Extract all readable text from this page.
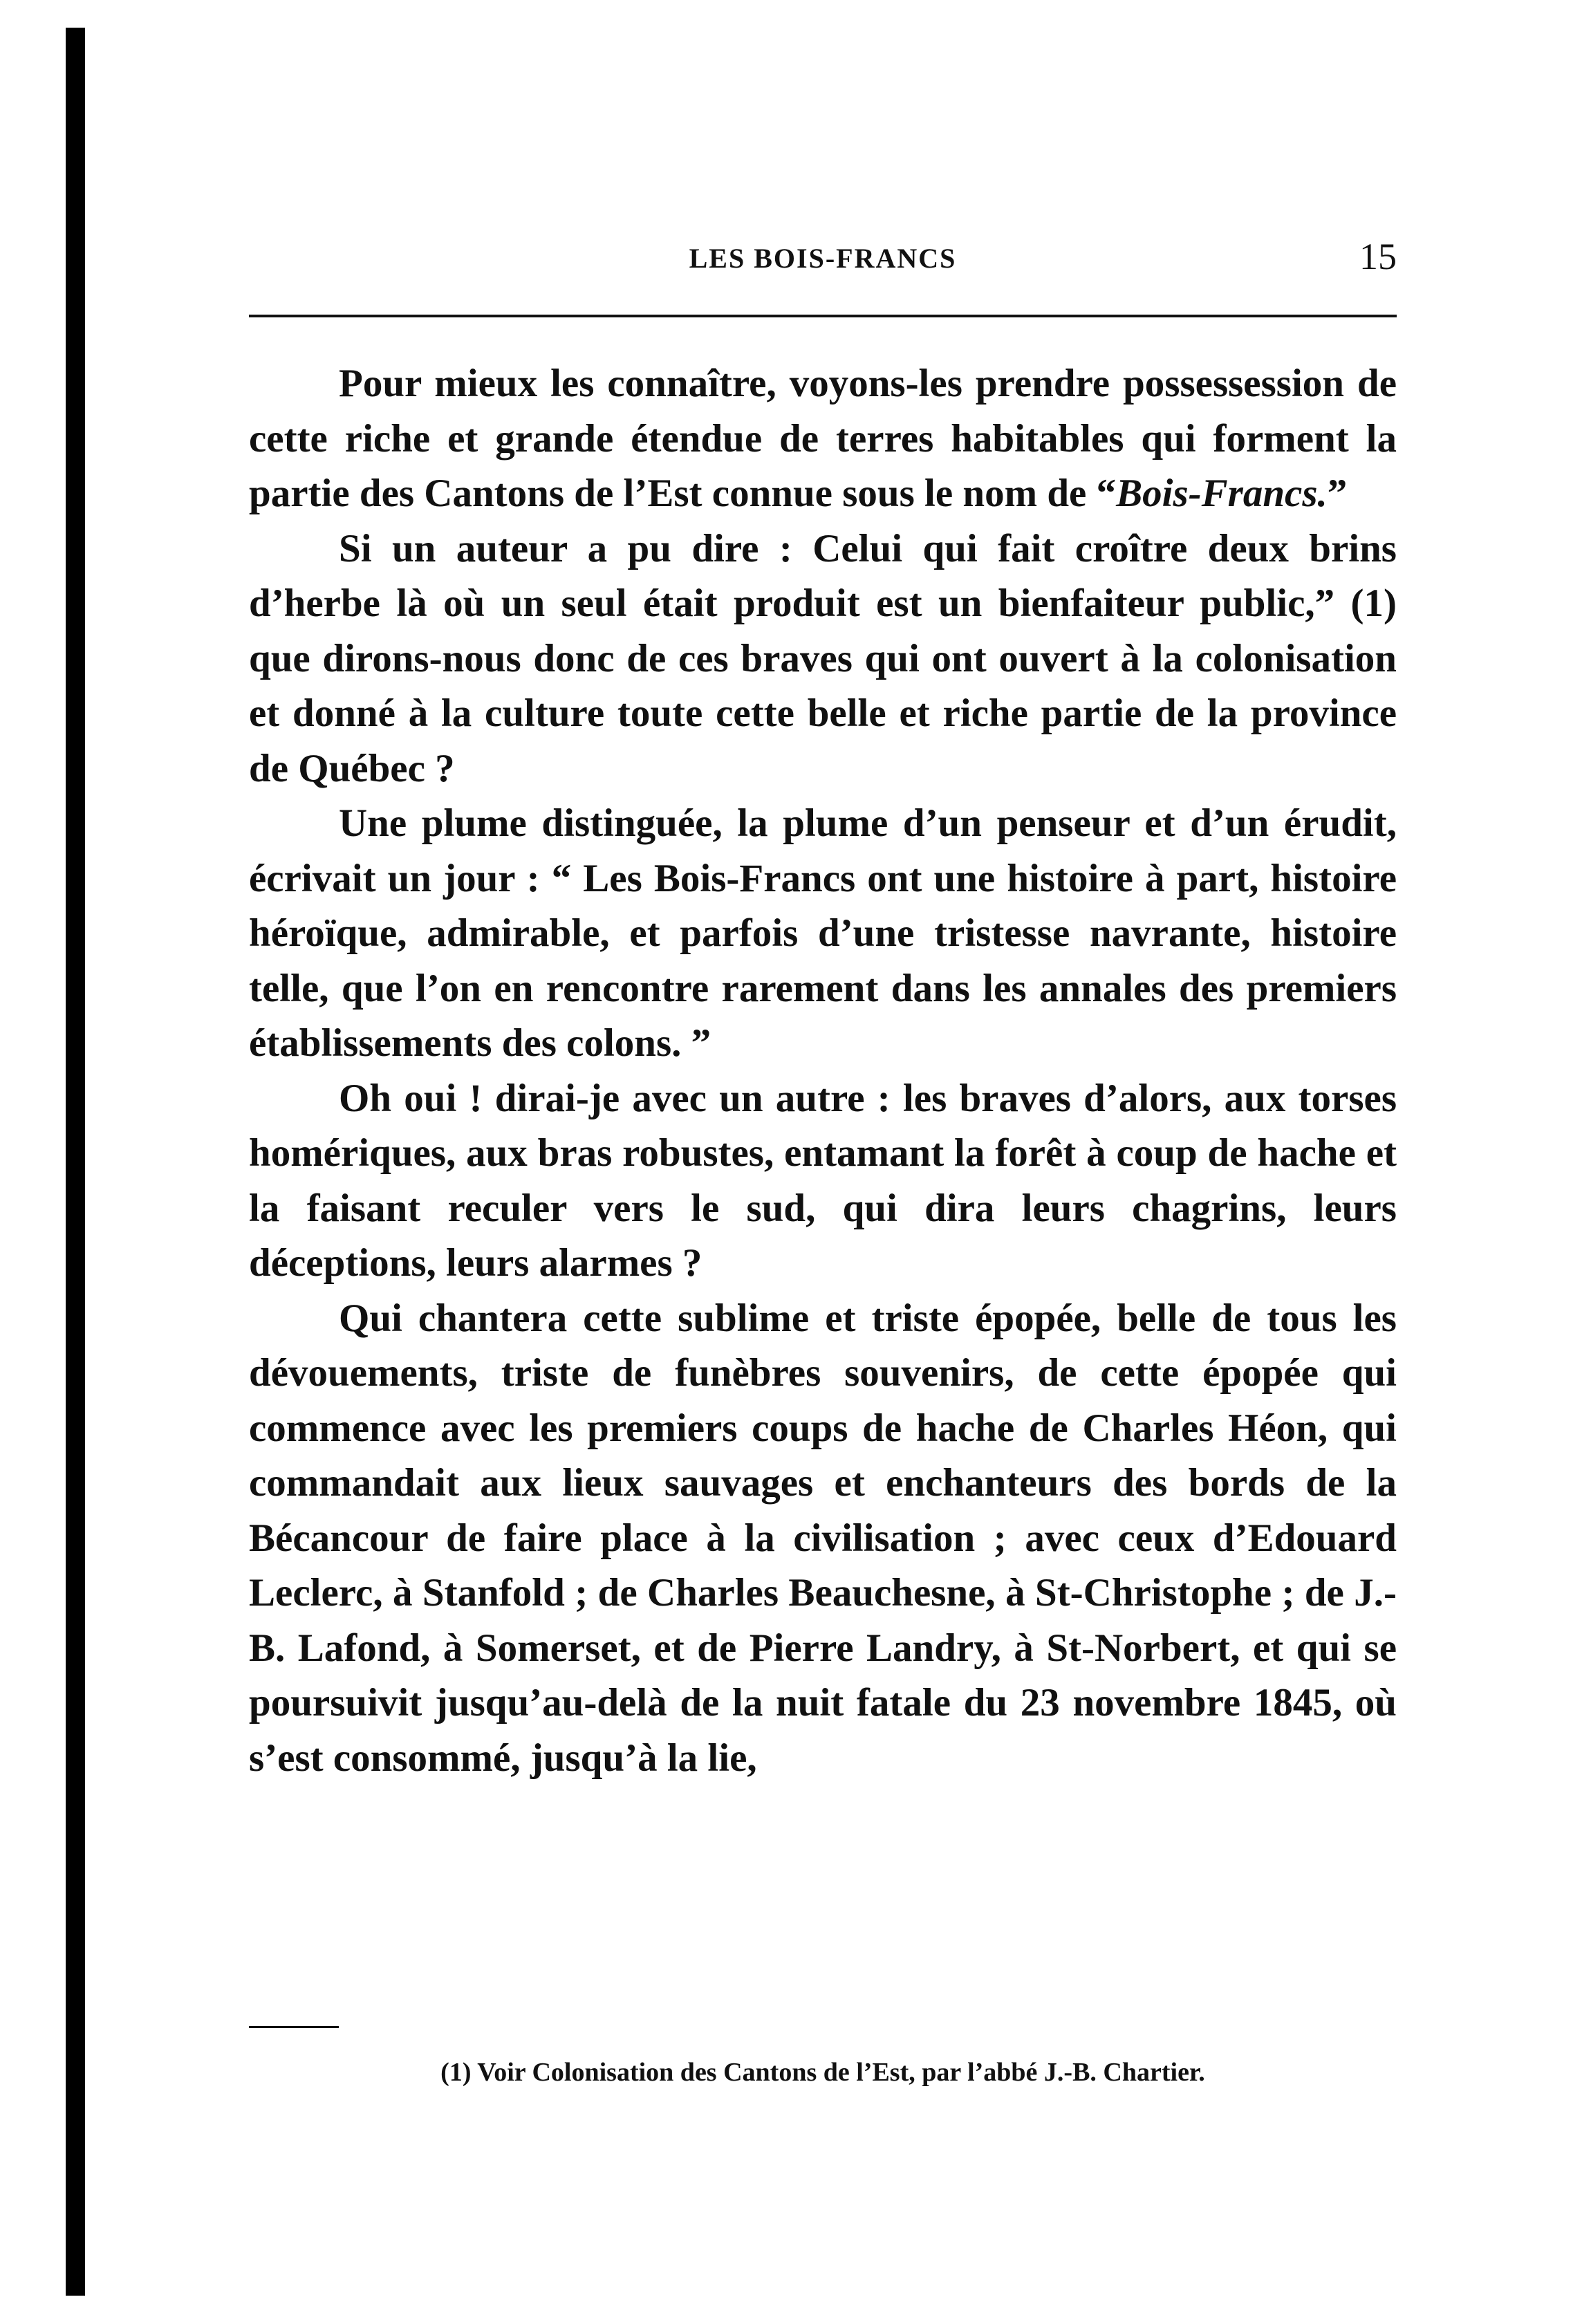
LES BOIS-FRANCS	15

Pour mieux les connaître, voyons-les prendre possessession de cette riche et grande étendue de terres habitables qui forment la partie des Cantons de l’Est connue sous le nom de “Bois-Francs.”

Si un auteur a pu dire : Celui qui fait croître deux brins d’herbe là où un seul était produit est un bienfaiteur public,” (1) que dirons-nous donc de ces braves qui ont ouvert à la colonisation et donné à la culture toute cette belle et riche partie de la province de Québec ?

Une plume distinguée, la plume d’un penseur et d’un érudit, écrivait un jour : “ Les Bois-Francs ont une histoire à part, histoire héroïque, admirable, et parfois d’une tristesse navrante, histoire telle, que l’on en rencontre rarement dans les annales des premiers établissements des colons. ”

Oh oui ! dirai-je avec un autre : les braves d’alors, aux torses homériques, aux bras robustes, entamant la forêt à coup de hache et la faisant reculer vers le sud, qui dira leurs chagrins, leurs déceptions, leurs alarmes ?

Qui chantera cette sublime et triste épopée, belle de tous les dévouements, triste de funèbres souvenirs, de cette épopée qui commence avec les premiers coups de hache de Charles Héon, qui commandait aux lieux sauvages et enchanteurs des bords de la Bécancour de faire place à la civilisation ; avec ceux d’Edouard Leclerc, à Stanfold ; de Charles Beauchesne, à St-Christophe ; de J.-B. Lafond, à Somerset, et de Pierre Landry, à St-Norbert, et qui se poursuivit jusqu’au-delà de la nuit fatale du 23 novembre 1845, où s’est consommé, jusqu’à la lie,

(1) Voir Colonisation des Cantons de l’Est, par l’abbé J.-B. Chartier.
